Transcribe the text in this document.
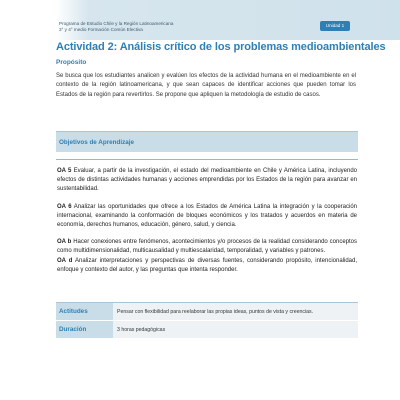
Programa de Estudio Chile y la Región Latinoamericana
3° y 4° medio Formación Común Electiva
Unidad 1
Actividad 2: Análisis crítico de los problemas medioambientales
Propósito
Se busca que los estudiantes analicen y evalúen los efectos de la actividad humana en el medioambiente en el contexto de la región latinoamericana, y que sean capaces de identificar acciones que pueden tomar los Estados de la región para revertirlos. Se propone que apliquen la metodología de estudio de casos.
Objetivos de Aprendizaje
OA 5 Evaluar, a partir de la investigación, el estado del medioambiente en Chile y América Latina, incluyendo efectos de distintas actividades humanas y acciones emprendidas por los Estados de la región para avanzar en sustentabilidad.
OA 6 Analizar las oportunidades que ofrece a los Estados de América Latina la integración y la cooperación internacional, examinando la conformación de bloques económicos y los tratados y acuerdos en materia de economía, derechos humanos, educación, género, salud, y ciencia.
OA b Hacer conexiones entre fenómenos, acontecimientos y/o procesos de la realidad considerando conceptos como multidimensionalidad, multicausalidad y multiescalaridad, temporalidad, y variables y patrones.
OA d Analizar interpretaciones y perspectivas de diversas fuentes, considerando propósito, intencionalidad, enfoque y contexto del autor, y las preguntas que intenta responder.
Actitudes	Pensar con flexibilidad para reelaborar las propias ideas, puntos de vista y creencias.
Duración	3 horas pedagógicas
